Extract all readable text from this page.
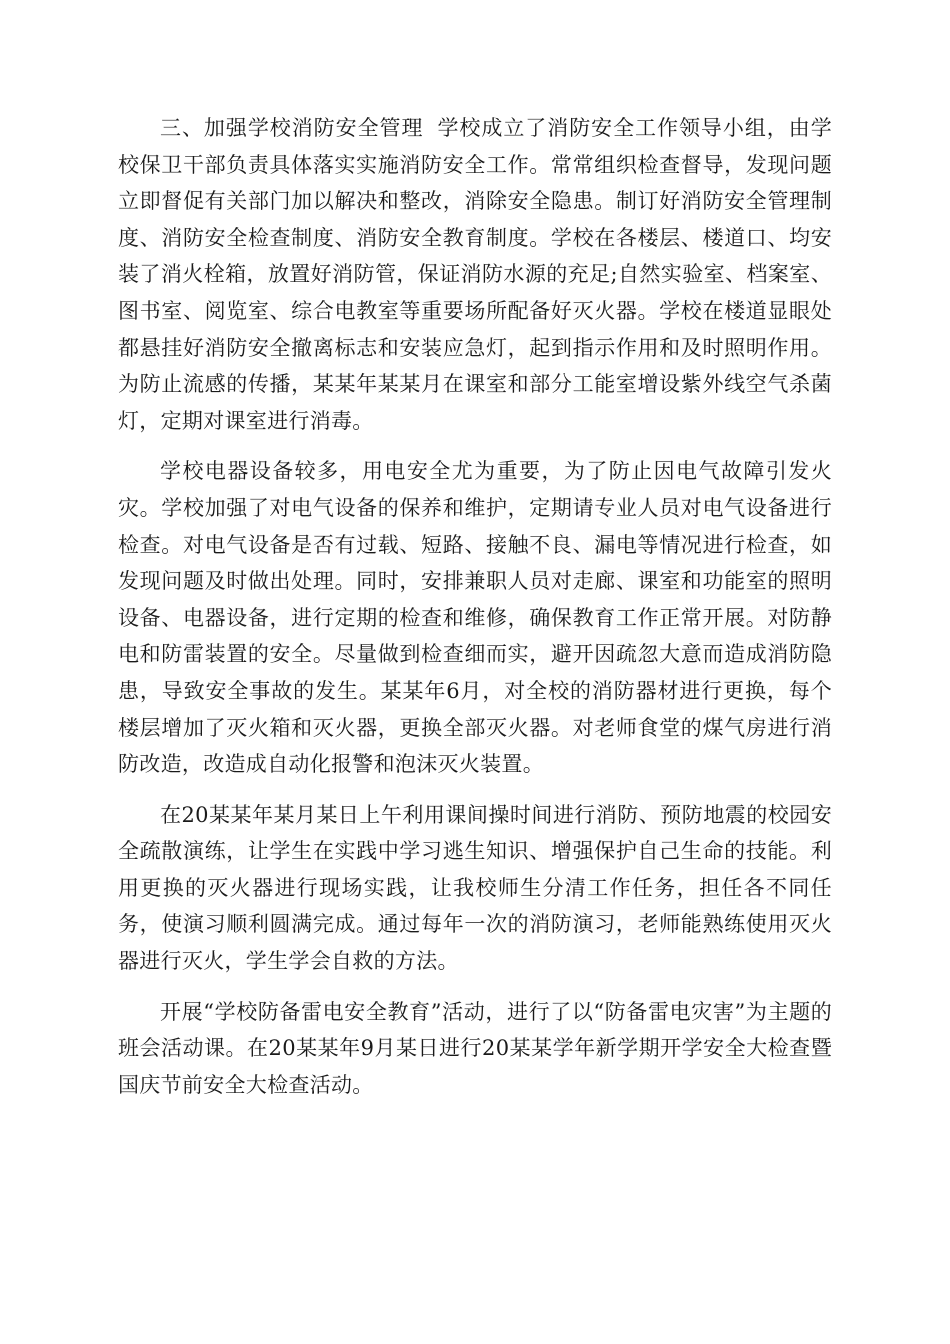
三、加强学校消防安全管理 学校成立了消防安全工作领导小组，由学校保卫干部负责具体落实实施消防安全工作。常常组织检查督导，发现问题立即督促有关部门加以解决和整改，消除安全隐患。制订好消防安全管理制度、消防安全检查制度、消防安全教育制度。学校在各楼层、楼道口、均安装了消火栓箱，放置好消防管，保证消防水源的充足;自然实验室、档案室、图书室、阅览室、综合电教室等重要场所配备好灭火器。学校在楼道显眼处都悬挂好消防安全撤离标志和安装应急灯，起到指示作用和及时照明作用。为防止流感的传播，某某年某某月在课室和部分工能室增设紫外线空气杀菌灯，定期对课室进行消毒。

学校电器设备较多，用电安全尤为重要，为了防止因电气故障引发火灾。学校加强了对电气设备的保养和维护，定期请专业人员对电气设备进行检查。对电气设备是否有过载、短路、接触不良、漏电等情况进行检查，如发现问题及时做出处理。同时，安排兼职人员对走廊、课室和功能室的照明设备、电器设备，进行定期的检查和维修，确保教育工作正常开展。对防静电和防雷装置的安全。尽量做到检查细而实，避开因疏忽大意而造成消防隐患，导致安全事故的发生。某某年6月，对全校的消防器材进行更换，每个楼层增加了灭火箱和灭火器，更换全部灭火器。对老师食堂的煤气房进行消防改造，改造成自动化报警和泡沫灭火装置。

在20某某年某月某日上午利用课间操时间进行消防、预防地震的校园安全疏散演练，让学生在实践中学习逃生知识、增强保护自己生命的技能。利用更换的灭火器进行现场实践，让我校师生分清工作任务，担任各不同任务，使演习顺利圆满完成。通过每年一次的消防演习，老师能熟练使用灭火器进行灭火，学生学会自救的方法。

开展“学校防备雷电安全教育”活动，进行了以“防备雷电灾害”为主题的班会活动课。在20某某年9月某日进行20某某学年新学期开学安全大检查暨国庆节前安全大检查活动。
